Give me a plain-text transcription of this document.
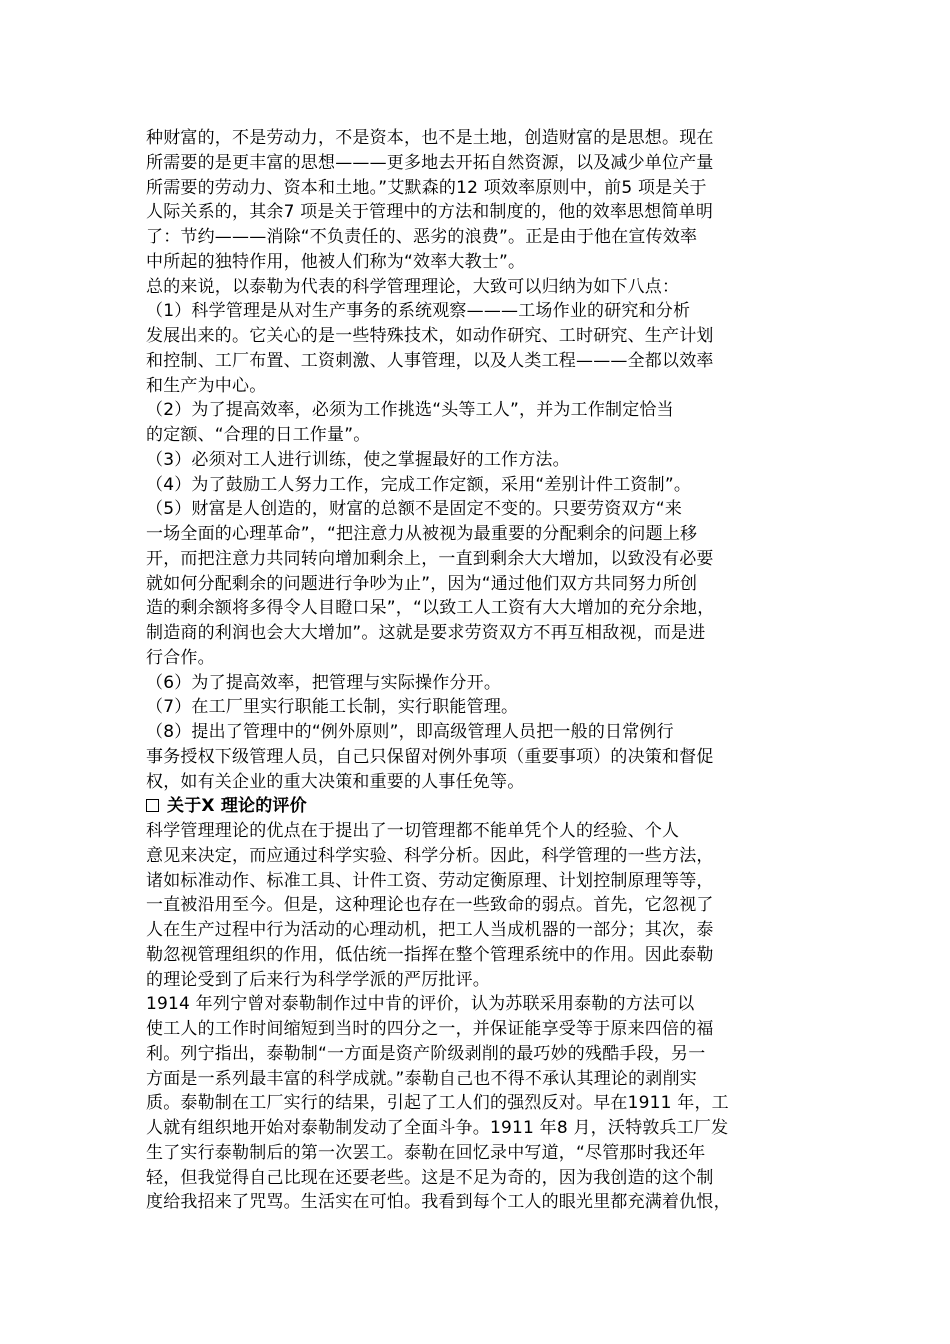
种财富的，不是劳动力，不是资本，也不是土地，创造财富的是思想。现在
所需要的是更丰富的思想———更多地去开拓自然资源，以及减少单位产量
所需要的劳动力、资本和土地。”艾默森的12 项效率原则中，前5 项是关于
人际关系的，其余7 项是关于管理中的方法和制度的，他的效率思想简单明
了：节约———消除“不负责任的、恶劣的浪费”。正是由于他在宣传效率
中所起的独特作用，他被人们称为“效率大教士”。
总的来说，以泰勒为代表的科学管理理论，大致可以归纳为如下八点：
（1）科学管理是从对生产事务的系统观察———工场作业的研究和分析
发展出来的。它关心的是一些特殊技术，如动作研究、工时研究、生产计划
和控制、工厂布置、工资刺激、人事管理，以及人类工程———全都以效率
和生产为中心。
（2）为了提高效率，必须为工作挑选“头等工人”，并为工作制定恰当
的定额、“合理的日工作量”。
（3）必须对工人进行训练，使之掌握最好的工作方法。
（4）为了鼓励工人努力工作，完成工作定额，采用“差别计件工资制”。
（5）财富是人创造的，财富的总额不是固定不变的。只要劳资双方“来
一场全面的心理革命”，“把注意力从被视为最重要的分配剩余的问题上移
开，而把注意力共同转向增加剩余上，一直到剩余大大增加，以致没有必要
就如何分配剩余的问题进行争吵为止”，因为“通过他们双方共同努力所创
造的剩余额将多得令人目瞪口呆”，“以致工人工资有大大增加的充分余地，
制造商的利润也会大大增加”。这就是要求劳资双方不再互相敌视，而是进
行合作。
（6）为了提高效率，把管理与实际操作分开。
（7）在工厂里实行职能工长制，实行职能管理。
（8）提出了管理中的“例外原则”，即高级管理人员把一般的日常例行
事务授权下级管理人员，自己只保留对例外事项（重要事项）的决策和督促
权，如有关企业的重大决策和重要的人事任免等。
关于X 理论的评价
科学管理理论的优点在于提出了一切管理都不能单凭个人的经验、个人
意见来决定，而应通过科学实验、科学分析。因此，科学管理的一些方法，
诸如标准动作、标准工具、计件工资、劳动定衡原理、计划控制原理等等，
一直被沿用至今。但是，这种理论也存在一些致命的弱点。首先，它忽视了
人在生产过程中行为活动的心理动机，把工人当成机器的一部分；其次，泰
勒忽视管理组织的作用，低估统一指挥在整个管理系统中的作用。因此泰勒
的理论受到了后来行为科学学派的严厉批评。
1914 年列宁曾对泰勒制作过中肯的评价，认为苏联采用泰勒的方法可以
使工人的工作时间缩短到当时的四分之一，并保证能享受等于原来四倍的福
利。列宁指出，泰勒制“一方面是资产阶级剥削的最巧妙的残酷手段，另一
方面是一系列最丰富的科学成就。”泰勒自己也不得不承认其理论的剥削实
质。泰勒制在工厂实行的结果，引起了工人们的强烈反对。早在1911 年，工
人就有组织地开始对泰勒制发动了全面斗争。1911 年8 月，沃特敦兵工厂发
生了实行泰勒制后的第一次罢工。泰勒在回忆录中写道，“尽管那时我还年
轻，但我觉得自己比现在还要老些。这是不足为奇的，因为我创造的这个制
度给我招来了咒骂。生活实在可怕。我看到每个工人的眼光里都充满着仇恨，
